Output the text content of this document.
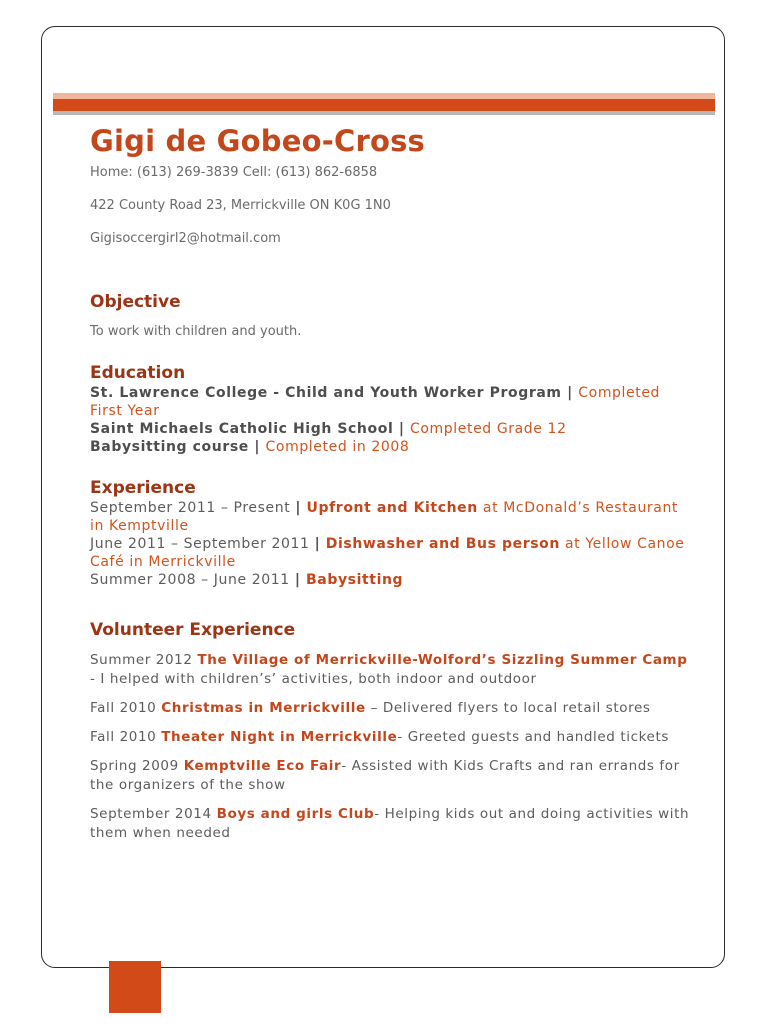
Gigi de Gobeo-Cross
Home: (613) 269-3839 Cell: (613) 862-6858
422 County Road 23, Merrickville ON K0G 1N0
Gigisoccergirl2@hotmail.com
Objective
To work with children and youth.
Education
St. Lawrence College - Child and Youth Worker Program | Completed First Year
Saint Michaels Catholic High School | Completed Grade 12
Babysitting course | Completed in 2008
Experience
September 2011 – Present | Upfront and Kitchen at McDonald’s Restaurant in Kemptville
June 2011 – September 2011 | Dishwasher and Bus person at Yellow Canoe Café in Merrickville
Summer 2008 – June 2011 | Babysitting
Volunteer Experience
Summer 2012 The Village of Merrickville-Wolford’s Sizzling Summer Camp - I helped with children’s’ activities, both indoor and outdoor
Fall 2010 Christmas in Merrickville – Delivered flyers to local retail stores
Fall 2010 Theater Night in Merrickville- Greeted guests and handled tickets
Spring 2009 Kemptville Eco Fair- Assisted with Kids Crafts and ran errands for the organizers of the show
September 2014 Boys and girls Club- Helping kids out and doing activities with them when needed
